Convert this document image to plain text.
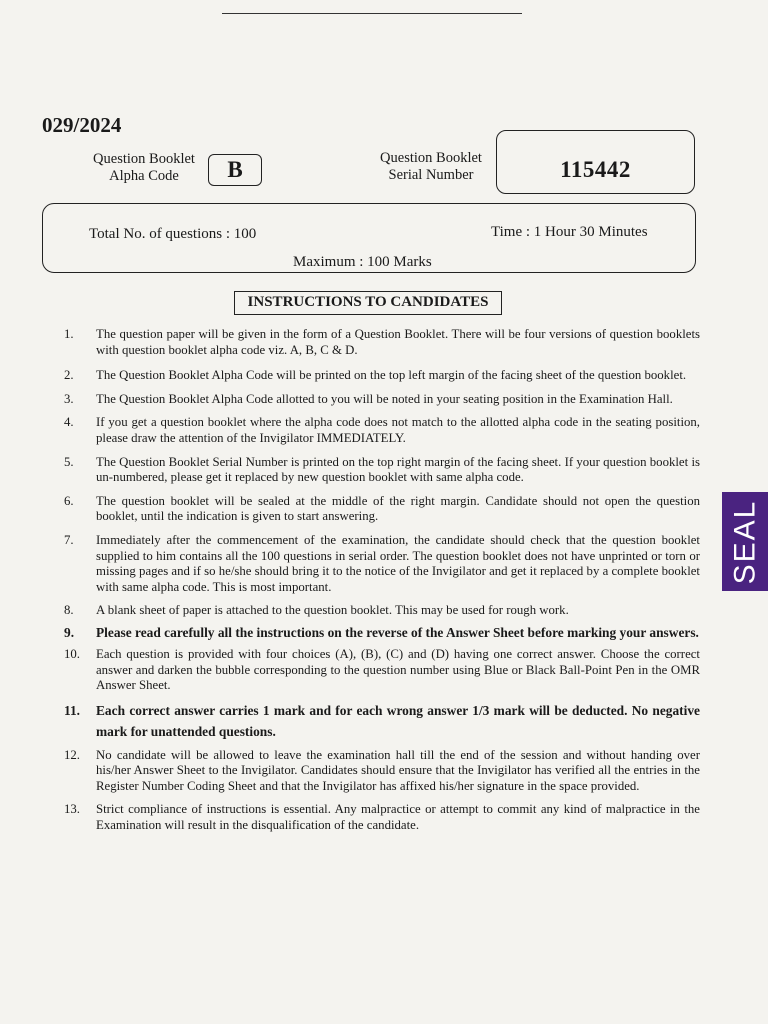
029/2024
Question Booklet
Alpha Code	B	Question Booklet
Serial Number	115442
Total No. of questions : 100	Time : 1 Hour 30 Minutes
Maximum : 100 Marks
INSTRUCTIONS TO CANDIDATES
1.	The question paper will be given in the form of a Question Booklet. There will be four versions of question booklets with question booklet alpha code viz. A, B, C & D.
2.	The Question Booklet Alpha Code will be printed on the top left margin of the facing sheet of the question booklet.
3.	The Question Booklet Alpha Code allotted to you will be noted in your seating position in the Examination Hall.
4.	If you get a question booklet where the alpha code does not match to the allotted alpha code in the seating position, please draw the attention of the Invigilator IMMEDIATELY.
5.	The Question Booklet Serial Number is printed on the top right margin of the facing sheet. If your question booklet is un-numbered, please get it replaced by new question booklet with same alpha code.
6.	The question booklet will be sealed at the middle of the right margin. Candidate should not open the question booklet, until the indication is given to start answering.
7.	Immediately after the commencement of the examination, the candidate should check that the question booklet supplied to him contains all the 100 questions in serial order. The question booklet does not have unprinted or torn or missing pages and if so he/she should bring it to the notice of the Invigilator and get it replaced by a complete booklet with same alpha code. This is most important.
8.	A blank sheet of paper is attached to the question booklet. This may be used for rough work.
9.	Please read carefully all the instructions on the reverse of the Answer Sheet before marking your answers.
10.	Each question is provided with four choices (A), (B), (C) and (D) having one correct answer. Choose the correct answer and darken the bubble corresponding to the question number using Blue or Black Ball-Point Pen in the OMR Answer Sheet.
11.	Each correct answer carries 1 mark and for each wrong answer 1/3 mark will be deducted. No negative mark for unattended questions.
12.	No candidate will be allowed to leave the examination hall till the end of the session and without handing over his/her Answer Sheet to the Invigilator. Candidates should ensure that the Invigilator has verified all the entries in the Register Number Coding Sheet and that the Invigilator has affixed his/her signature in the space provided.
13.	Strict compliance of instructions is essential. Any malpractice or attempt to commit any kind of malpractice in the Examination will result in the disqualification of the candidate.
SEAL
